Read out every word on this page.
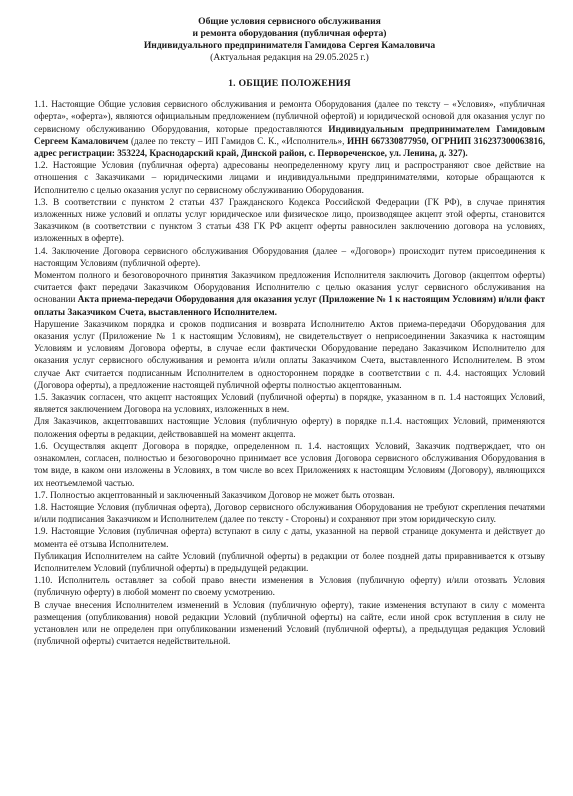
Общие условия сервисного обслуживания
и ремонта оборудования (публичная оферта)
Индивидуального предпринимателя Гамидова Сергея Камаловича
(Актуальная редакция на 29.05.2025 г.)
1. ОБЩИЕ ПОЛОЖЕНИЯ

1.1. Настоящие Общие условия сервисного обслуживания и ремонта Оборудования (далее по тексту – «Условия», «публичная оферта», «оферта»), являются официальным предложением (публичной офертой) и юридической основой для оказания услуг по сервисному обслуживанию Оборудования, которые предоставляются Индивидуальным предпринимателем Гамидовым Сергеем Камаловичем (далее по тексту – ИП Гамидов С. К., «Исполнитель», ИНН 667330877950, ОГРНИП 316237300063816, адрес регистрации: 353224, Краснодарский край, Динской район, с. Первореченское, ул. Ленина, д. 327).

1.2. Настоящие Условия (публичная оферта) адресованы неопределенному кругу лиц и распространяют свое действие на отношения с Заказчиками – юридическими лицами и индивидуальными предпринимателями, которые обращаются к Исполнителю с целью оказания услуг по сервисному обслуживанию Оборудования.

1.3. В соответствии с пунктом 2 статьи 437 Гражданского Кодекса Российской Федерации (ГК РФ), в случае принятия изложенных ниже условий и оплаты услуг юридическое или физическое лицо, производящее акцепт этой оферты, становится Заказчиком (в соответствии с пунктом 3 статьи 438 ГК РФ акцепт оферты равносилен заключению договора на условиях, изложенных в оферте).

1.4. Заключение Договора сервисного обслуживания Оборудования (далее – «Договор») происходит путем присоединения к настоящим Условиям (публичной оферте).

Моментом полного и безоговорочного принятия Заказчиком предложения Исполнителя заключить Договор (акцептом оферты) считается факт передачи Заказчиком Оборудования Исполнителю с целью оказания услуг сервисного обслуживания на основании Акта приема-передачи Оборудования для оказания услуг (Приложение № 1 к настоящим Условиям) и/или факт оплаты Заказчиком Счета, выставленного Исполнителем.

Нарушение Заказчиком порядка и сроков подписания и возврата Исполнителю Актов приема-передачи Оборудования для оказания услуг (Приложение № 1 к настоящим Условиям), не свидетельствует о неприсоединении Заказчика к настоящим Условиям и условиям Договора оферты, в случае если фактически Оборудование передано Заказчиком Исполнителю для оказания услуг сервисного обслуживания и ремонта и/или оплаты Заказчиком Счета, выставленного Исполнителем. В этом случае Акт считается подписанным Исполнителем в одностороннем порядке в соответствии с п. 4.4. настоящих Условий (Договора оферты), а предложение настоящей публичной оферты полностью акцептованным.

1.5. Заказчик согласен, что акцепт настоящих Условий (публичной оферты) в порядке, указанном в п. 1.4 настоящих Условий, является заключением Договора на условиях, изложенных в нем.

Для Заказчиков, акцептовавших настоящие Условия (публичную оферту) в порядке п.1.4. настоящих Условий, применяются положения оферты в редакции, действовавшей на момент акцепта.

1.6. Осуществляя акцепт Договора в порядке, определенном п. 1.4. настоящих Условий, Заказчик подтверждает, что он ознакомлен, согласен, полностью и безоговорочно принимает все условия Договора сервисного обслуживания Оборудования в том виде, в каком они изложены в Условиях, в том числе во всех Приложениях к настоящим Условиям (Договору), являющихся их неотъемлемой частью.

1.7. Полностью акцептованный и заключенный Заказчиком Договор не может быть отозван.

1.8. Настоящие Условия (публичная оферта), Договор сервисного обслуживания Оборудования не требуют скрепления печатями и/или подписания Заказчиком и Исполнителем (далее по тексту - Стороны) и сохраняют при этом юридическую силу.

1.9. Настоящие Условия (публичная оферта) вступают в силу с даты, указанной на первой странице документа и действует до момента её отзыва Исполнителем.

Публикация Исполнителем на сайте Условий (публичной оферты) в редакции от более поздней даты приравнивается к отзыву Исполнителем Условий (публичной оферты) в предыдущей редакции.

1.10. Исполнитель оставляет за собой право внести изменения в Условия (публичную оферту) и/или отозвать Условия (публичную оферту) в любой момент по своему усмотрению.

В случае внесения Исполнителем изменений в Условия (публичную оферту), такие изменения вступают в силу с момента размещения (опубликования) новой редакции Условий (публичной оферты) на сайте, если иной срок вступления в силу не установлен или не определен при опубликовании изменений Условий (публичной оферты), а предыдущая редакция Условий (публичной оферты) считается недействительной.
